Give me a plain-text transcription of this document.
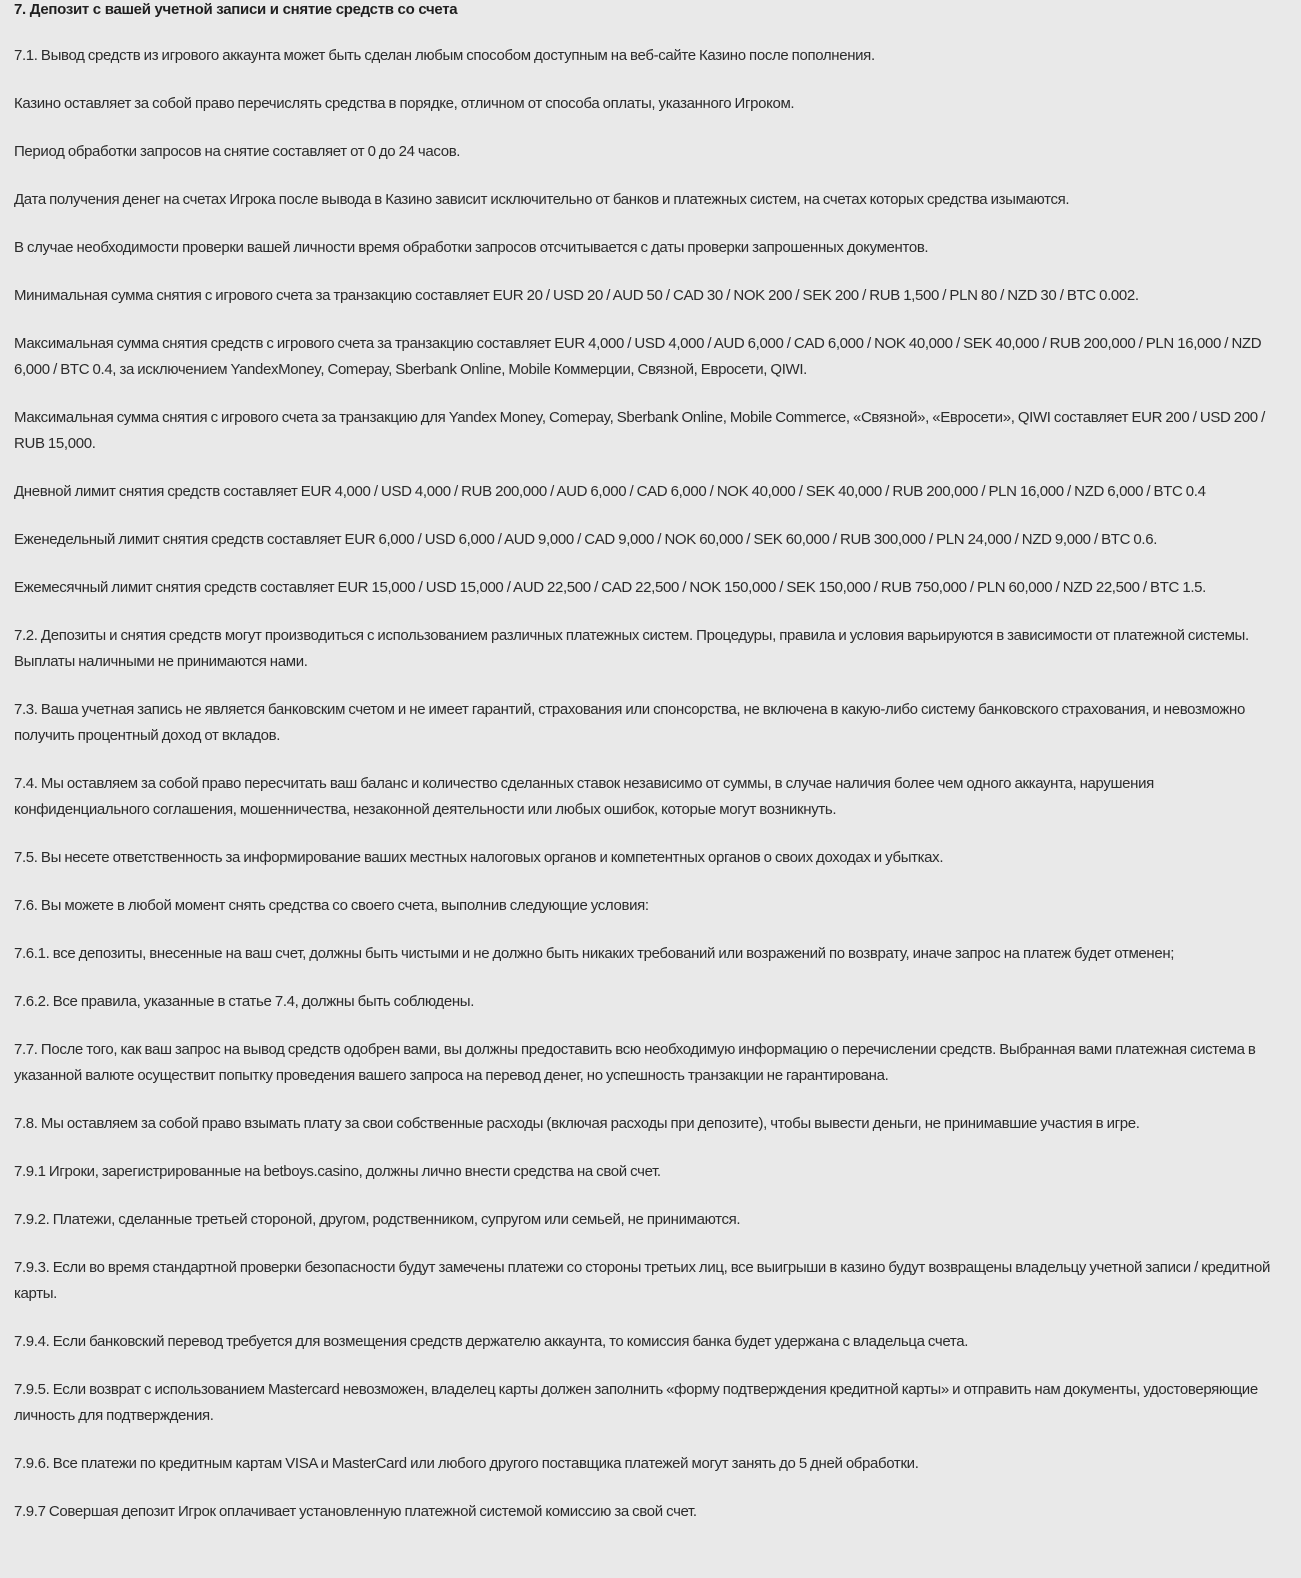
7. Депозит с вашей учетной записи и снятие средств со счета

7.1. Вывод средств из игрового аккаунта может быть сделан любым способом доступным на веб-сайте Казино после пополнения.

Казино оставляет за собой право перечислять средства в порядке, отличном от способа оплаты, указанного Игроком.

Период обработки запросов на снятие составляет от 0 до 24 часов.

Дата получения денег на счетах Игрока после вывода в Казино зависит исключительно от банков и платежных систем, на счетах которых средства изымаются.

В случае необходимости проверки вашей личности время обработки запросов отсчитывается с даты проверки запрошенных документов.

Минимальная сумма снятия с игрового счета за транзакцию составляет EUR 20 / USD 20 / AUD 50 / CAD 30 / NOK 200 / SEK 200 / RUB 1,500 / PLN 80 / NZD 30 / BTC 0.002.

Максимальная сумма снятия средств с игрового счета за транзакцию составляет EUR 4,000 / USD 4,000 / AUD 6,000 / CAD 6,000 / NOK 40,000 / SEK 40,000 / RUB 200,000 / PLN 16,000 / NZD 6,000 / BTC 0.4, за исключением YandexMoney, Comepay, Sberbank Online, Mobile Коммерции, Связной, Евросети, QIWI.

Максимальная сумма снятия с игрового счета за транзакцию для Yandex Money, Comepay, Sberbank Online, Mobile Commerce, «Связной», «Евросети», QIWI составляет EUR 200 / USD 200 / RUB 15,000.

Дневной лимит снятия средств составляет EUR 4,000 / USD 4,000 / RUB 200,000 / AUD 6,000 / CAD 6,000 / NOK 40,000 / SEK 40,000 / RUB 200,000 / PLN 16,000 / NZD 6,000 / BTC 0.4

Еженедельный лимит снятия средств составляет EUR 6,000 / USD 6,000 / AUD 9,000 / CAD 9,000 / NOK 60,000 / SEK 60,000 / RUB 300,000 / PLN 24,000 / NZD 9,000 / BTC 0.6.

Ежемесячный лимит снятия средств составляет EUR 15,000 / USD 15,000 / AUD 22,500 / CAD 22,500 / NOK 150,000 / SEK 150,000 / RUB 750,000 / PLN 60,000 / NZD 22,500 / BTC 1.5.

7.2. Депозиты и снятия средств могут производиться с использованием различных платежных систем. Процедуры, правила и условия варьируются в зависимости от платежной системы. Выплаты наличными не принимаются нами.

7.3. Ваша учетная запись не является банковским счетом и не имеет гарантий, страхования или спонсорства, не включена в какую-либо систему банковского страхования, и невозможно получить процентный доход от вкладов.

7.4. Мы оставляем за собой право пересчитать ваш баланс и количество сделанных ставок независимо от суммы, в случае наличия более чем одного аккаунта, нарушения конфиденциального соглашения, мошенничества, незаконной деятельности или любых ошибок, которые могут возникнуть.

7.5. Вы несете ответственность за информирование ваших местных налоговых органов и компетентных органов о своих доходах и убытках.

7.6. Вы можете в любой момент снять средства со своего счета, выполнив следующие условия:

7.6.1. все депозиты, внесенные на ваш счет, должны быть чистыми и не должно быть никаких требований или возражений по возврату, иначе запрос на платеж будет отменен;

7.6.2. Все правила, указанные в статье 7.4, должны быть соблюдены.

7.7. После того, как ваш запрос на вывод средств одобрен вами, вы должны предоставить всю необходимую информацию о перечислении средств. Выбранная вами платежная система в указанной валюте осуществит попытку проведения вашего запроса на перевод денег, но успешность транзакции не гарантирована.

7.8. Мы оставляем за собой право взымать плату за свои собственные расходы (включая расходы при депозите), чтобы вывести деньги, не принимавшие участия в игре.

7.9.1 Игроки, зарегистрированные на betboys.casino, должны лично внести средства на свой счет.

7.9.2. Платежи, сделанные третьей стороной, другом, родственником, супругом или семьей, не принимаются.

7.9.3. Если во время стандартной проверки безопасности будут замечены платежи со стороны третьих лиц, все выигрыши в казино будут возвращены владельцу учетной записи / кредитной карты.

7.9.4. Если банковский перевод требуется для возмещения средств держателю аккаунта, то комиссия банка будет удержана с владельца счета.

7.9.5. Если возврат с использованием Mastercard невозможен, владелец карты должен заполнить «форму подтверждения кредитной карты» и отправить нам документы, удостоверяющие личность для подтверждения.

7.9.6. Все платежи по кредитным картам VISA и MasterCard или любого другого поставщика платежей могут занять до 5 дней обработки.

7.9.7 Совершая депозит Игрок оплачивает установленную платежной системой комиссию за свой счет.
